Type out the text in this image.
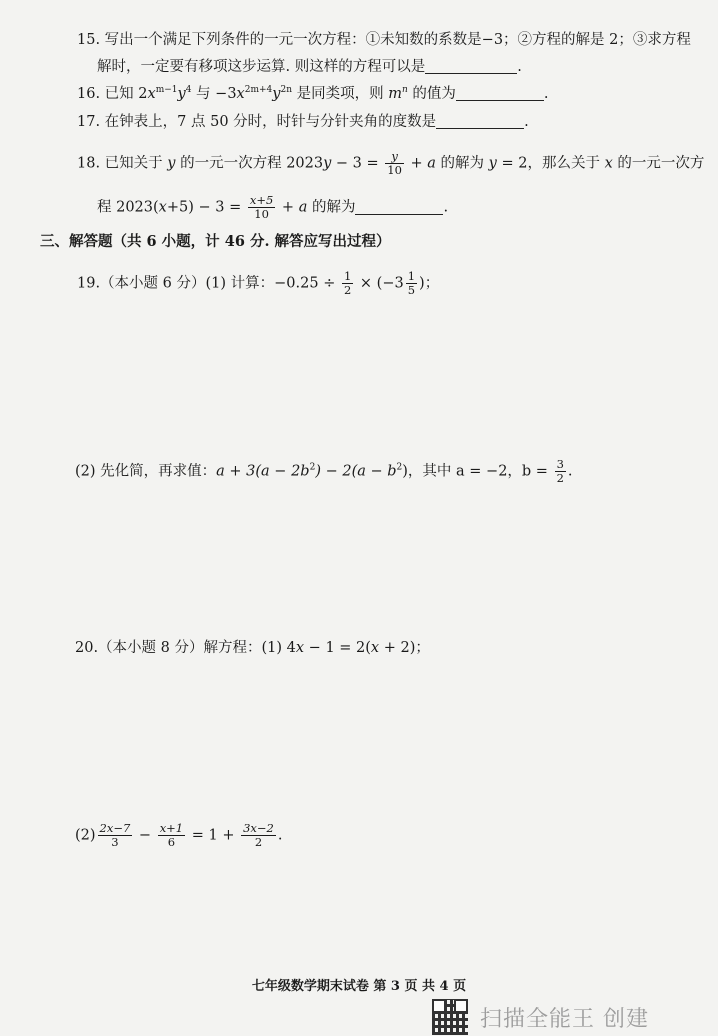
15. 写出一个满足下列条件的一元一次方程：①未知数的系数是−3；②方程的解是 2；③求方程
解时，一定要有移项这步运算. 则这样的方程可以是	.
16. 已知 $2x^{m-1}y^4$ 与 $-3x^{2m+4}y^{2n}$ 是同类项，则 $m^n$ 的值为	.
17. 在钟表上，7 点 50 分时，时针与分针夹角的度数是	.
18. 已知关于 y 的一元一次方程 $2023y - 3 = \frac{y}{10} + a$ 的解为 y = 2，那么关于 x 的一元一次方
程 $2023(x+5) - 3 = \frac{x+5}{10} + a$ 的解为	.
三、解答题（共 6 小题，计 46 分. 解答应写出过程）
19.（本小题 6 分）(1) 计算：$-0.25 \div \frac{1}{2} \times (-3 \frac{1}{5}$ )；
(2) 先化简，再求值：$a + 3(a - 2b^2) - 2(a - b^2)$，其中 a = −2，$b = \frac{3}{2}$ .
20.（本小题 8 分）解方程：(1) 4x − 1 = 2(x + 2)；
$(2) \frac{2x-7}{3} - \frac{x+1}{6} = 1 + \frac{3x-2}{2}$ .
七年级数学期末试卷 第 3 页 共 4 页
扫描全能王 创建
